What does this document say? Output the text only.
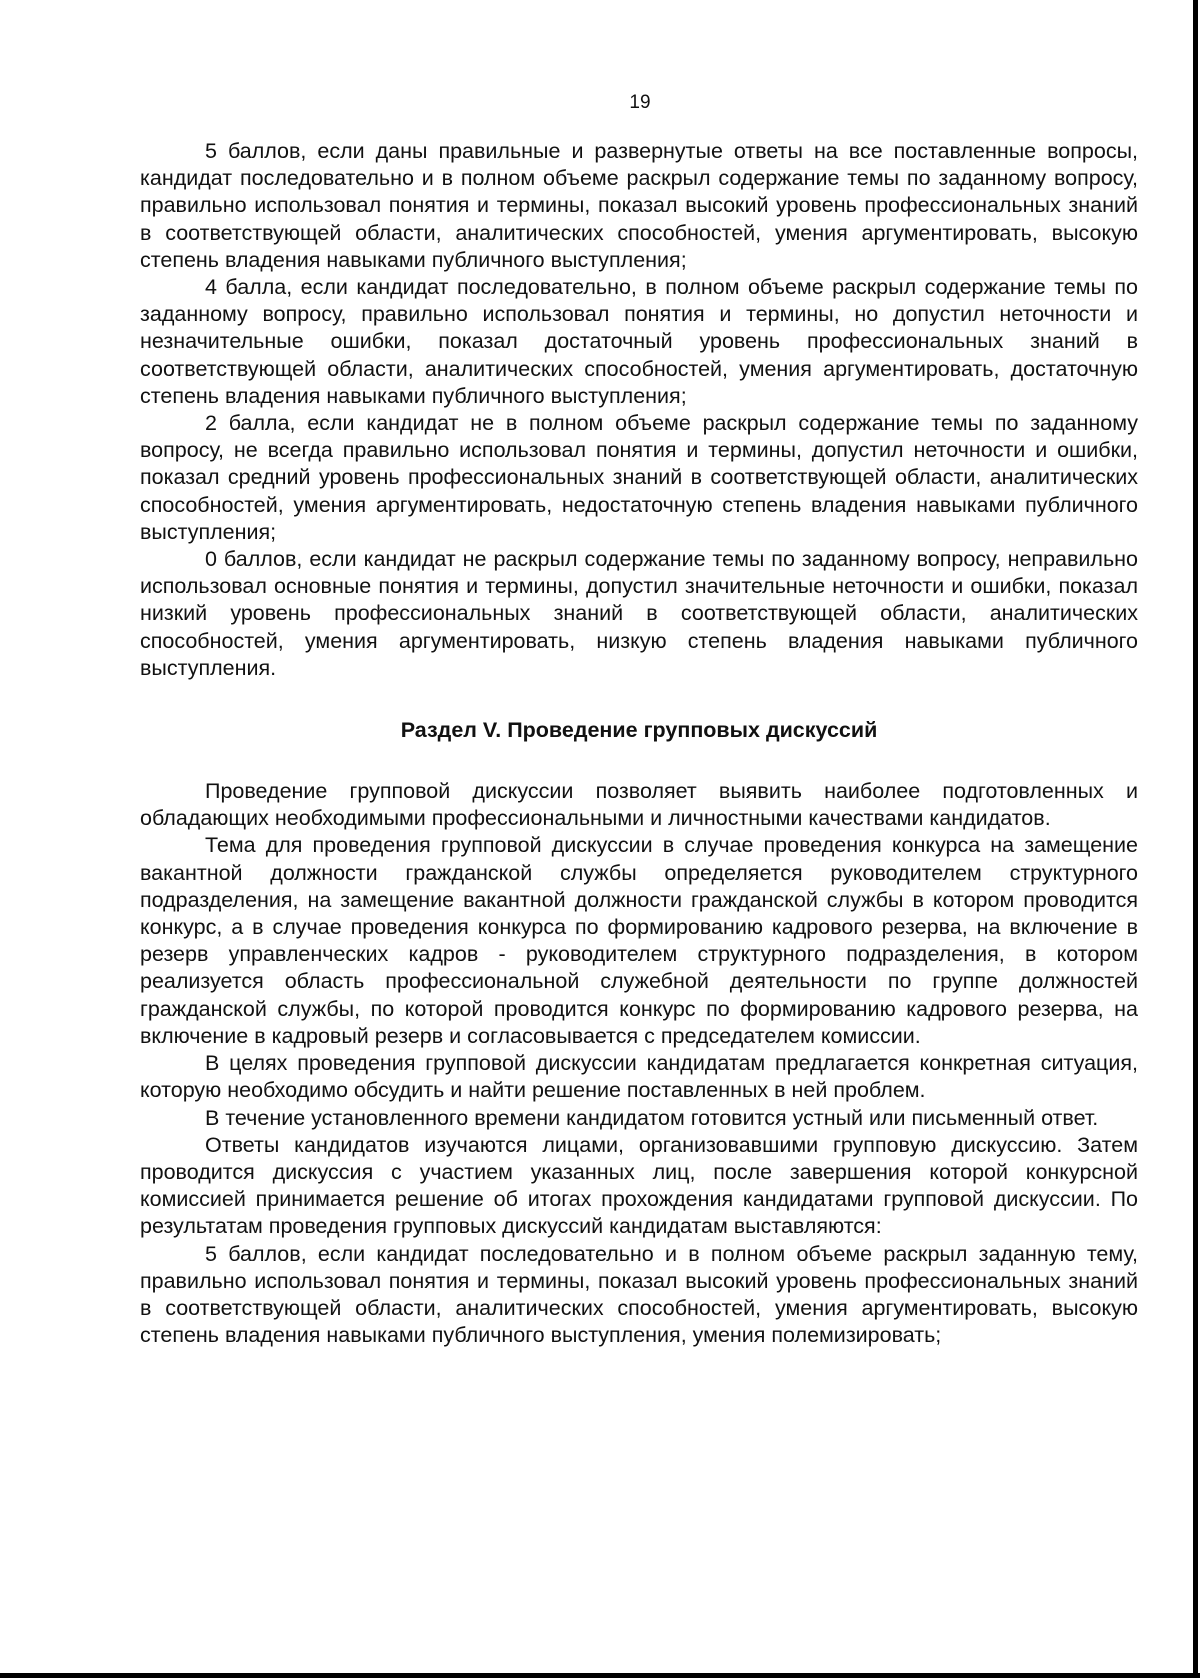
19

5 баллов, если даны правильные и развернутые ответы на все поставленные вопросы, кандидат последовательно и в полном объеме раскрыл содержание темы по заданному вопросу, правильно использовал понятия и термины, показал высокий уровень профессиональных знаний в соответствующей области, аналитических способностей, умения аргументировать, высокую степень владения навыками публичного выступления;

4 балла, если кандидат последовательно, в полном объеме раскрыл содержание темы по заданному вопросу, правильно использовал понятия и термины, но допустил неточности и незначительные ошибки, показал достаточный уровень профессиональных знаний в соответствующей области, аналитических способностей, умения аргументировать, достаточную степень владения навыками публичного выступления;

2 балла, если кандидат не в полном объеме раскрыл содержание темы по заданному вопросу, не всегда правильно использовал понятия и термины, допустил неточности и ошибки, показал средний уровень профессиональных знаний в соответствующей области, аналитических способностей, умения аргументировать, недостаточную степень владения навыками публичного выступления;

0 баллов, если кандидат не раскрыл содержание темы по заданному вопросу, неправильно использовал основные понятия и термины, допустил значительные неточности и ошибки, показал низкий уровень профессиональных знаний в соответствующей области, аналитических способностей, умения аргументировать, низкую степень владения навыками публичного выступления.

Раздел V. Проведение групповых дискуссий

Проведение групповой дискуссии позволяет выявить наиболее подготовленных и обладающих необходимыми профессиональными и личностными качествами кандидатов.

Тема для проведения групповой дискуссии в случае проведения конкурса на замещение вакантной должности гражданской службы определяется руководителем структурного подразделения, на замещение вакантной должности гражданской службы в котором проводится конкурс, а в случае проведения конкурса по формированию кадрового резерва, на включение в резерв управленческих кадров - руководителем структурного подразделения, в котором реализуется область профессиональной служебной деятельности по группе должностей гражданской службы, по которой проводится конкурс по формированию кадрового резерва, на включение в кадровый резерв и согласовывается с председателем комиссии.

В целях проведения групповой дискуссии кандидатам предлагается конкретная ситуация, которую необходимо обсудить и найти решение поставленных в ней проблем.

В течение установленного времени кандидатом готовится устный или письменный ответ.

Ответы кандидатов изучаются лицами, организовавшими групповую дискуссию. Затем проводится дискуссия с участием указанных лиц, после завершения которой конкурсной комиссией принимается решение об итогах прохождения кандидатами групповой дискуссии. По результатам проведения групповых дискуссий кандидатам выставляются:

5 баллов, если кандидат последовательно и в полном объеме раскрыл заданную тему, правильно использовал понятия и термины, показал высокий уровень профессиональных знаний в соответствующей области, аналитических способностей, умения аргументировать, высокую степень владения навыками публичного выступления, умения полемизировать;
